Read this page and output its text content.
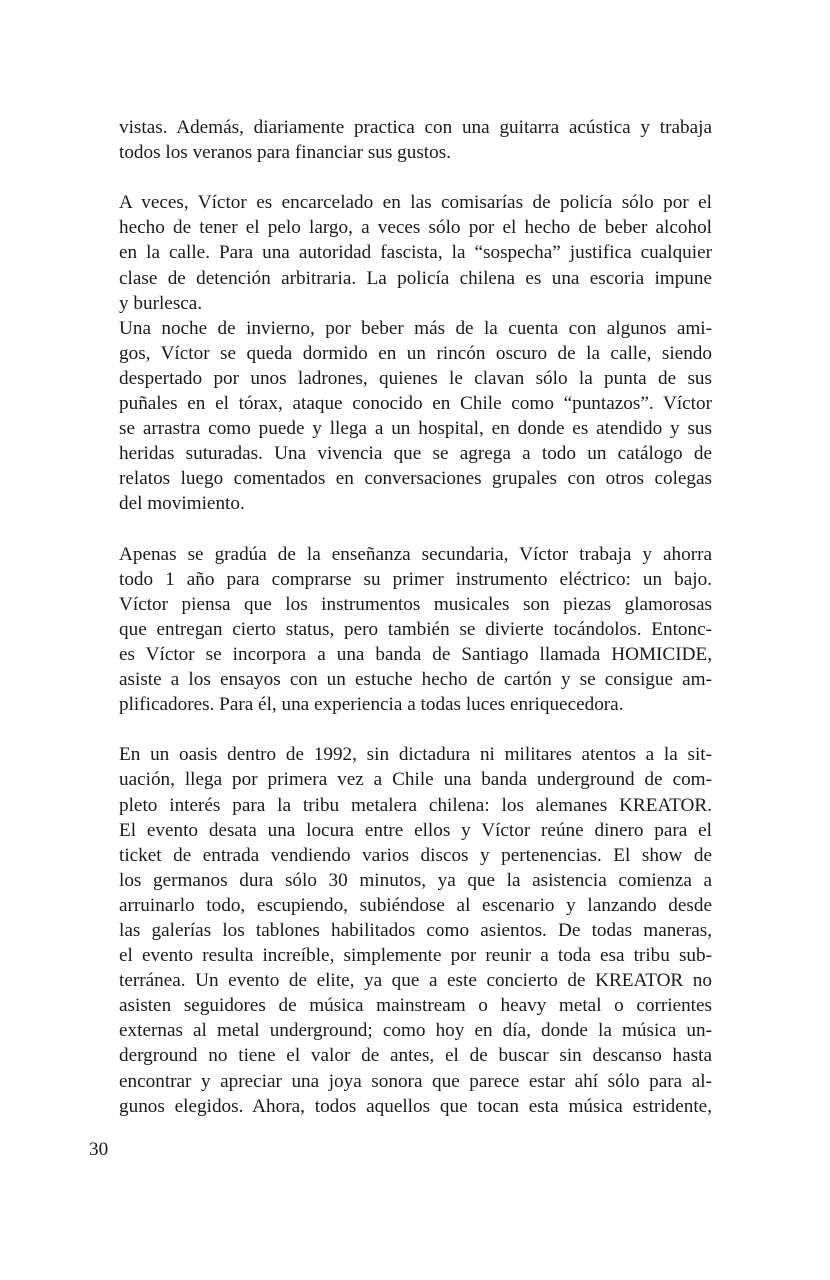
vistas. Además, diariamente practica con una guitarra acústica y trabaja
todos los veranos para financiar sus gustos.
A veces, Víctor es encarcelado en las comisarías de policía sólo por el
hecho de tener el pelo largo, a veces sólo por el hecho de beber alcohol
en la calle. Para una autoridad fascista, la “sospecha” justifica cualquier
clase de detención arbitraria. La policía chilena es una escoria impune
y burlesca.
Una noche de invierno, por beber más de la cuenta con algunos ami-
gos, Víctor se queda dormido en un rincón oscuro de la calle, siendo
despertado por unos ladrones, quienes le clavan sólo la punta de sus
puñales en el tórax, ataque conocido en Chile como “puntazos”. Víctor
se arrastra como puede y llega a un hospital, en donde es atendido y sus
heridas suturadas. Una vivencia que se agrega a todo un catálogo de
relatos luego comentados en conversaciones grupales con otros colegas
del movimiento.
Apenas se gradúa de la enseñanza secundaria, Víctor trabaja y ahorra
todo 1 año para comprarse su primer instrumento eléctrico: un bajo.
Víctor piensa que los instrumentos musicales son piezas glamorosas
que entregan cierto status, pero también se divierte tocándolos. Entonc-
es Víctor se incorpora a una banda de Santiago llamada HOMICIDE,
asiste a los ensayos con un estuche hecho de cartón y se consigue am-
plificadores. Para él, una experiencia a todas luces enriquecedora.
En un oasis dentro de 1992, sin dictadura ni militares atentos a la sit-
uación, llega por primera vez a Chile una banda underground de com-
pleto interés para la tribu metalera chilena: los alemanes KREATOR.
El evento desata una locura entre ellos y Víctor reúne dinero para el
ticket de entrada vendiendo varios discos y pertenencias. El show de
los germanos dura sólo 30 minutos, ya que la asistencia comienza a
arruinarlo todo, escupiendo, subiéndose al escenario y lanzando desde
las galerías los tablones habilitados como asientos. De todas maneras,
el evento resulta increíble, simplemente por reunir a toda esa tribu sub-
terránea. Un evento de elite, ya que a este concierto de KREATOR no
asisten seguidores de música mainstream o heavy metal o corrientes
externas al metal underground; como hoy en día, donde la música un-
derground no tiene el valor de antes, el de buscar sin descanso hasta
encontrar y apreciar una joya sonora que parece estar ahí sólo para al-
gunos elegidos. Ahora, todos aquellos que tocan esta música estridente,
30
